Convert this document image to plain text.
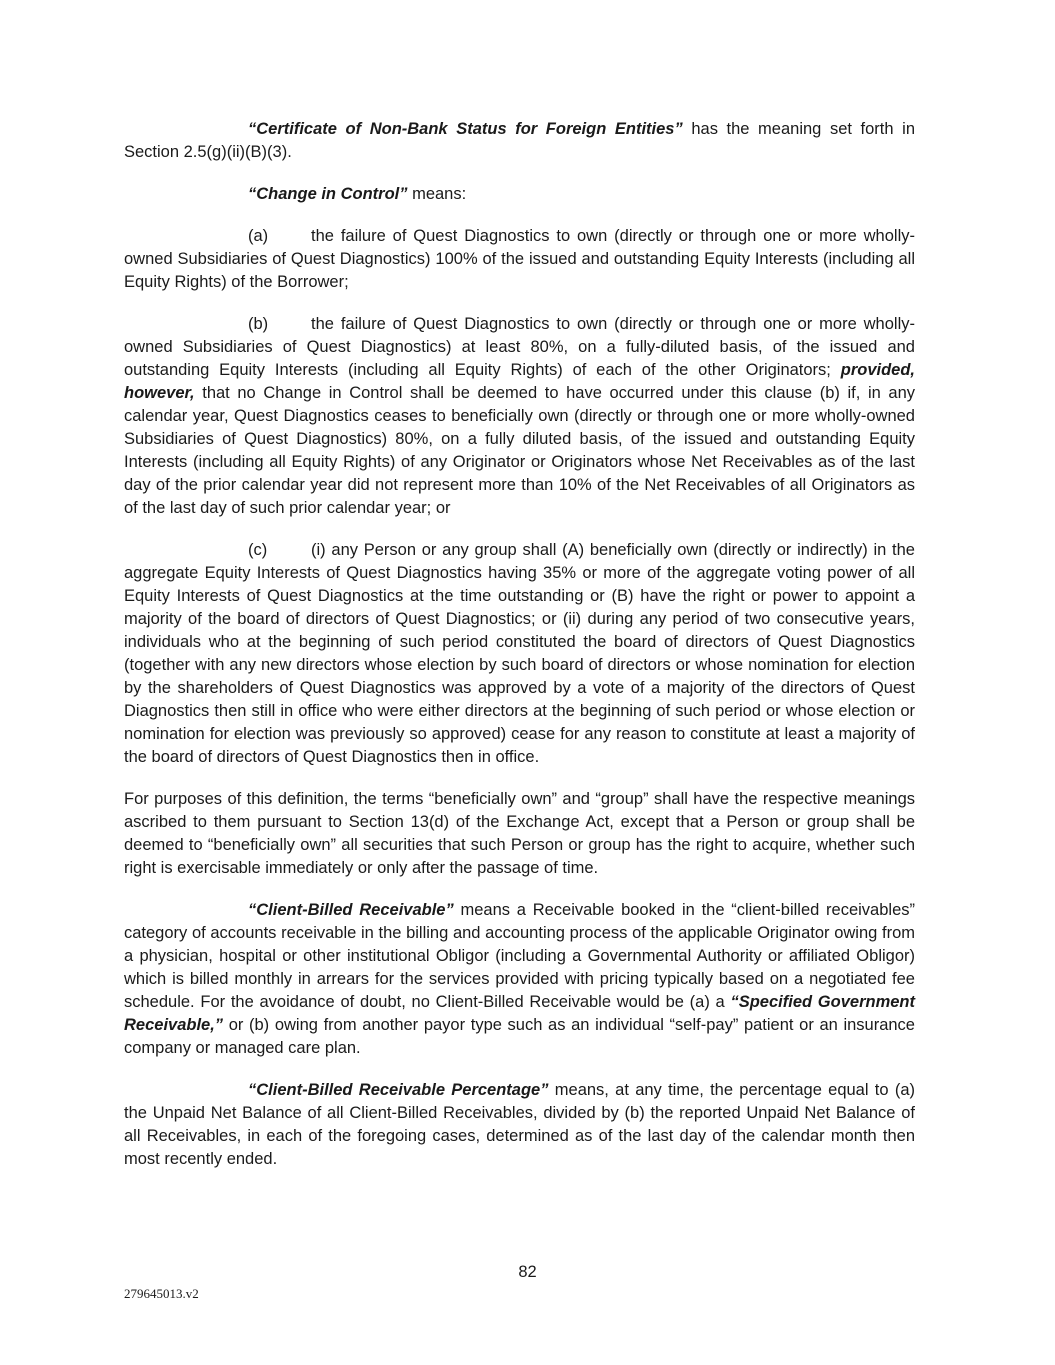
“Certificate of Non-Bank Status for Foreign Entities” has the meaning set forth in Section 2.5(g)(ii)(B)(3).

“Change in Control” means:

(a)	the failure of Quest Diagnostics to own (directly or through one or more wholly-owned Subsidiaries of Quest Diagnostics) 100% of the issued and outstanding Equity Interests (including all Equity Rights) of the Borrower;

(b)	the failure of Quest Diagnostics to own (directly or through one or more wholly-owned Subsidiaries of Quest Diagnostics) at least 80%, on a fully-diluted basis, of the issued and outstanding Equity Interests (including all Equity Rights) of each of the other Originators; provided, however, that no Change in Control shall be deemed to have occurred under this clause (b) if, in any calendar year, Quest Diagnostics ceases to beneficially own (directly or through one or more wholly-owned Subsidiaries of Quest Diagnostics) 80%, on a fully diluted basis, of the issued and outstanding Equity Interests (including all Equity Rights) of any Originator or Originators whose Net Receivables as of the last day of the prior calendar year did not represent more than 10% of the Net Receivables of all Originators as of the last day of such prior calendar year; or

(c)	(i) any Person or any group shall (A) beneficially own (directly or indirectly) in the aggregate Equity Interests of Quest Diagnostics having 35% or more of the aggregate voting power of all Equity Interests of Quest Diagnostics at the time outstanding or (B) have the right or power to appoint a majority of the board of directors of Quest Diagnostics; or (ii) during any period of two consecutive years, individuals who at the beginning of such period constituted the board of directors of Quest Diagnostics (together with any new directors whose election by such board of directors or whose nomination for election by the shareholders of Quest Diagnostics was approved by a vote of a majority of the directors of Quest Diagnostics then still in office who were either directors at the beginning of such period or whose election or nomination for election was previously so approved) cease for any reason to constitute at least a majority of the board of directors of Quest Diagnostics then in office.

For purposes of this definition, the terms “beneficially own” and “group” shall have the respective meanings ascribed to them pursuant to Section 13(d) of the Exchange Act, except that a Person or group shall be deemed to “beneficially own” all securities that such Person or group has the right to acquire, whether such right is exercisable immediately or only after the passage of time.

“Client-Billed Receivable” means a Receivable booked in the “client-billed receivables” category of accounts receivable in the billing and accounting process of the applicable Originator owing from a physician, hospital or other institutional Obligor (including a Governmental Authority or affiliated Obligor) which is billed monthly in arrears for the services provided with pricing typically based on a negotiated fee schedule. For the avoidance of doubt, no Client-Billed Receivable would be (a) a “Specified Government Receivable,” or (b) owing from another payor type such as an individual “self-pay” patient or an insurance company or managed care plan.

“Client-Billed Receivable Percentage” means, at any time, the percentage equal to (a) the Unpaid Net Balance of all Client-Billed Receivables, divided by (b) the reported Unpaid Net Balance of all Receivables, in each of the foregoing cases, determined as of the last day of the calendar month then most recently ended.

82
279645013.v2
